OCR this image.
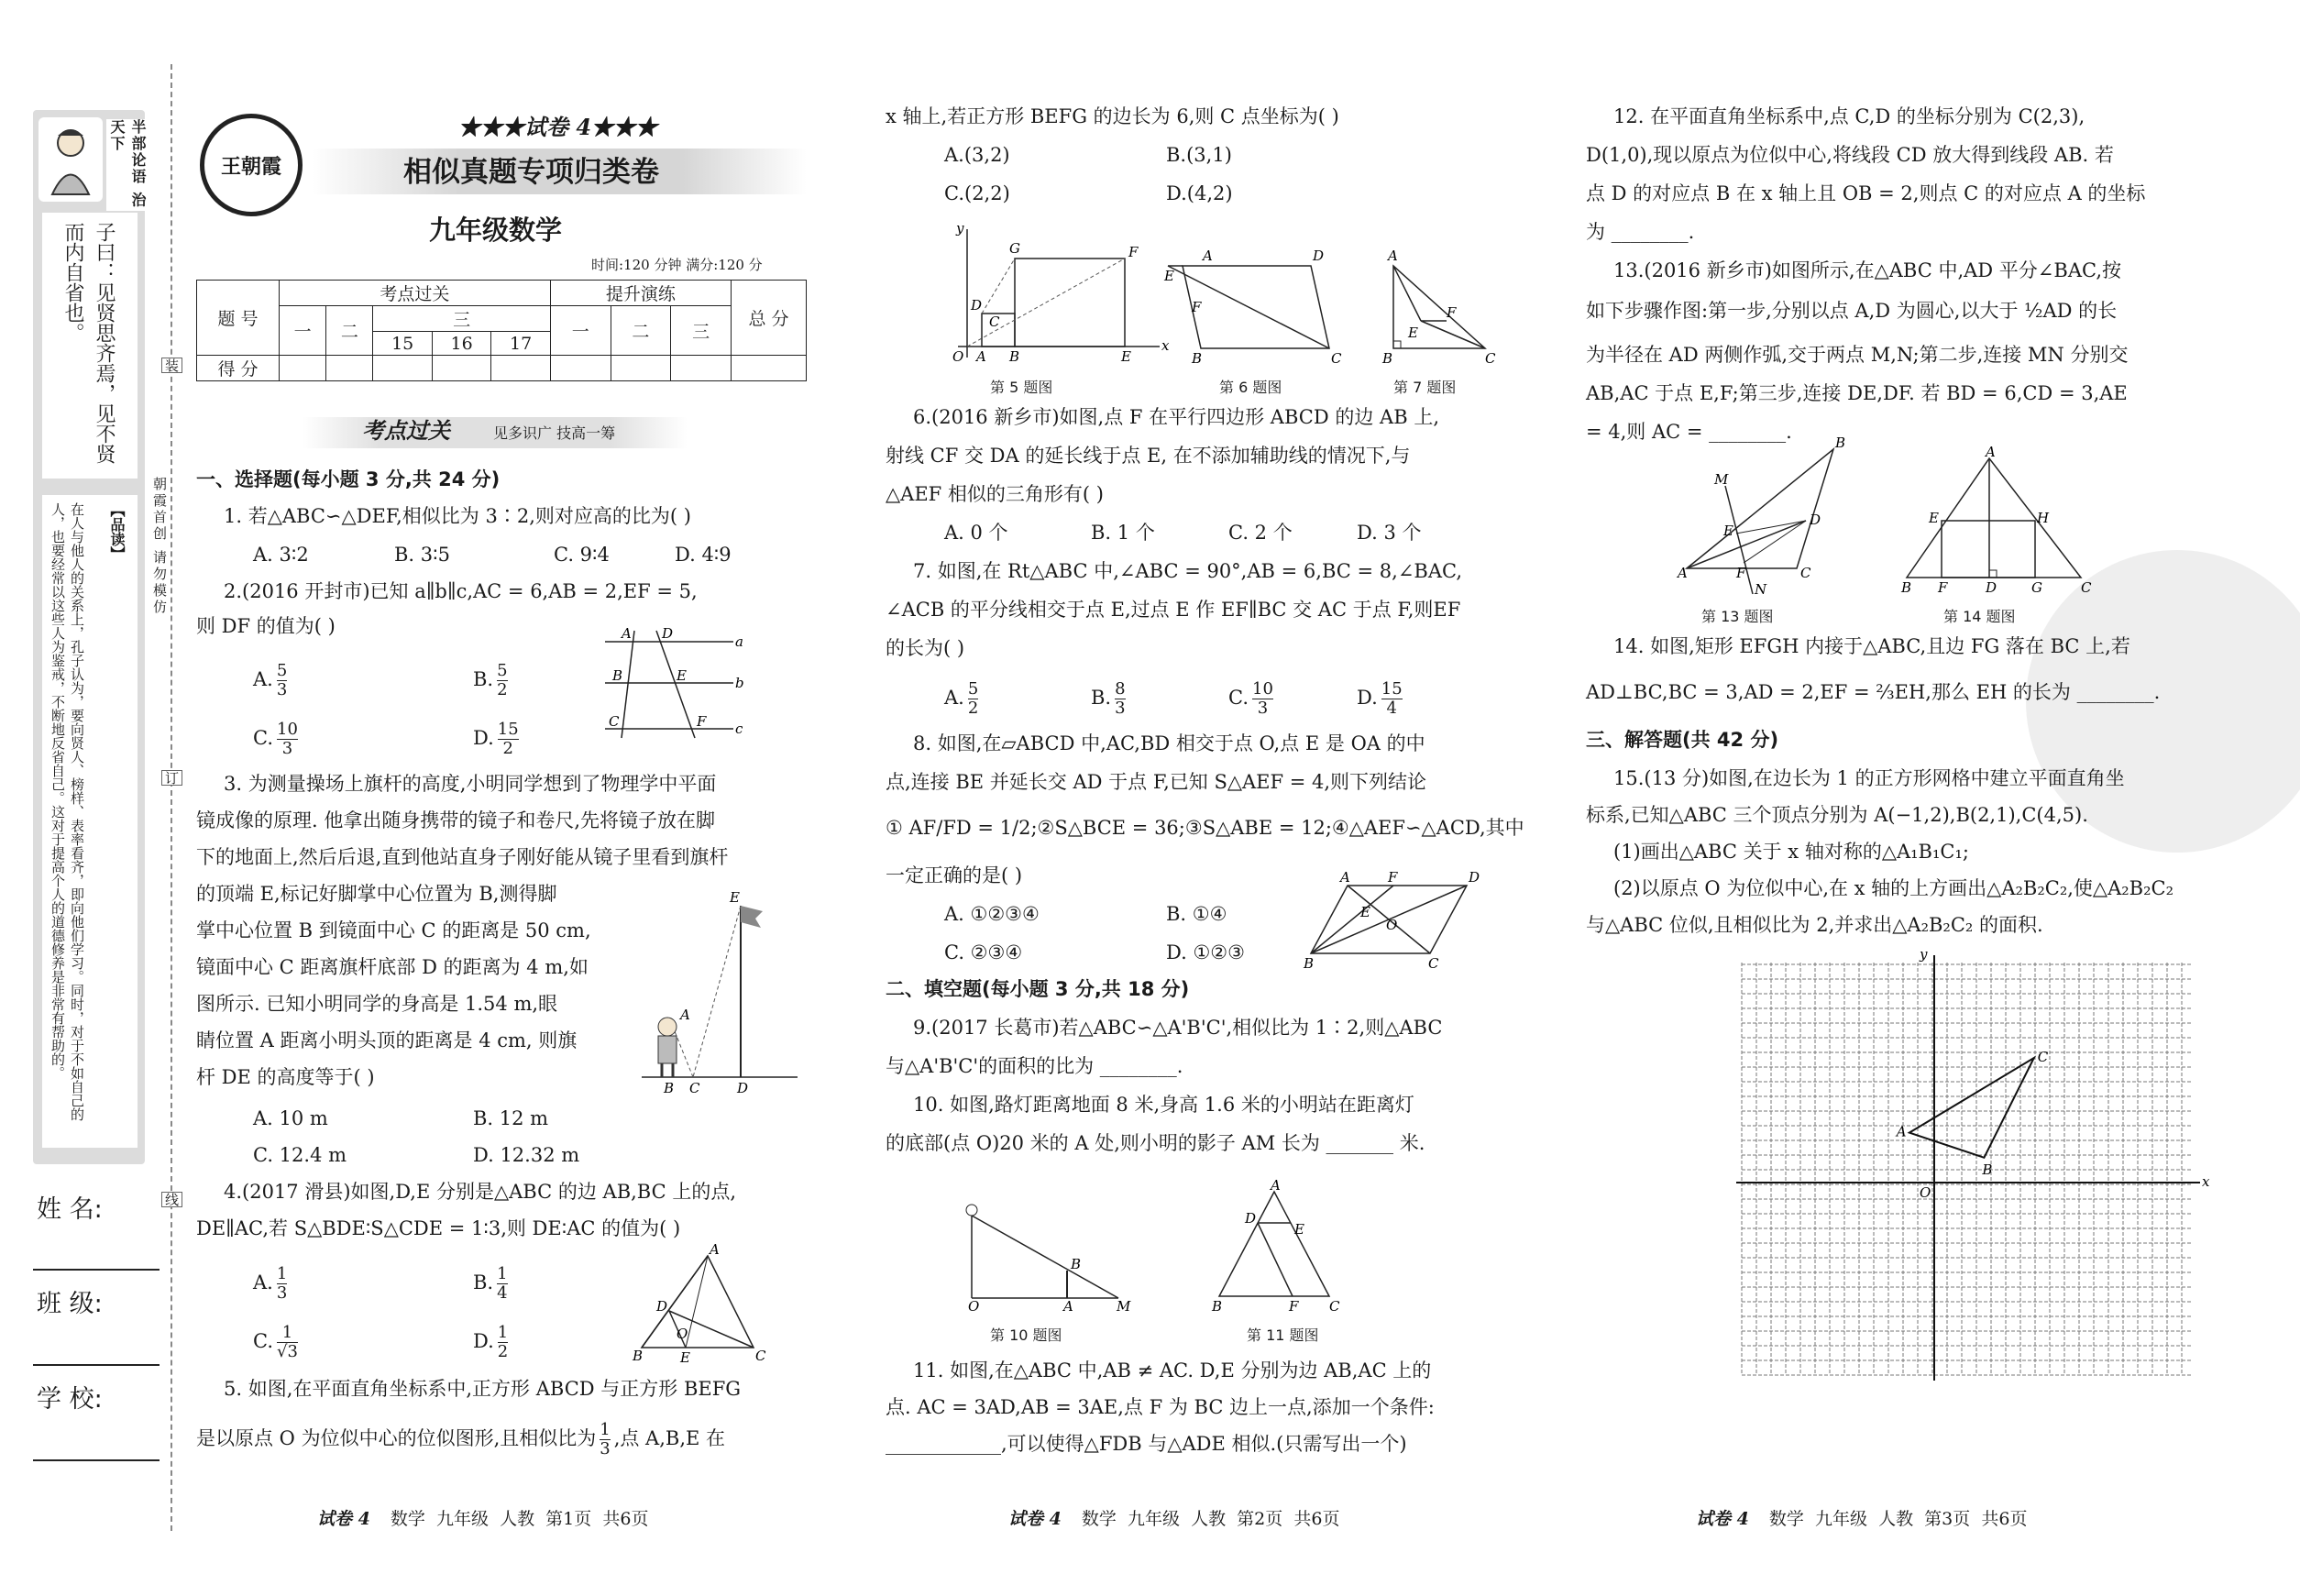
装
订
线
朝霞首创 请勿模仿
半部论语 治天下
子曰：见贤思齐焉，见不贤而内自省也。
【品读】
在人与他人的关系上，孔子认为，要向贤人、榜样、表率看齐，即向他们学习。同时，对于不如自己的人，也要经常以这些人为鉴戒，不断地反省自己。这对于提高个人的道德修养是非常有帮助的。
姓 名:
班 级:
学 校:
王朝霞
★★★试卷 4★★★
相似真题专项归类卷
九年级数学
时间:120 分钟 满分:120 分
题 号	考点过关					提升演练			总 分
	一	二	三			一	二	三	
			15	16	17				
得 分									
考点过关	见多识广 技高一筹
一、选择题(每小题 3 分,共 24 分)
1. 若△ABC∽△DEF,相似比为 3∶2,则对应高的比为( )
A. 3∶2	B. 3∶5	C. 9∶4	D. 4∶9
2.(2016 开封市)已知 a∥b∥c,AC = 6,AB = 2,EF = 5,
则 DF 的值为( )
A. $\frac{5}{3}$	B. $\frac{5}{2}$
C. $\frac{10}{3}$	D. $\frac{15}{2}$
A D	a
B	E	b
C	F c
3. 为测量操场上旗杆的高度,小明同学想到了物理学中平面
镜成像的原理. 他拿出随身携带的镜子和卷尺,先将镜子放在脚
下的地面上,然后后退,直到他站直身子刚好能从镜子里看到旗杆
的顶端 E,标记好脚掌中心位置为 B,测得脚
掌中心位置 B 到镜面中心 C 的距离是 50 cm,
镜面中心 C 距离旗杆底部 D 的距离为 4 m,如
图所示. 已知小明同学的身高是 1.54 m,眼
睛位置 A 距离小明头顶的距离是 4 cm, 则旗
杆 DE 的高度等于( )
E
A
B C	D
A. 10 m	B. 12 m
C. 12.4 m	D. 12.32 m
4.(2017 滑县)如图,D,E 分别是△ABC 的边 AB,BC 上的点,
DE∥AC,若 S△BDE∶S△CDE = 1∶3,则 DE∶AC 的值为( )
A. $\frac{1}{3}$	B. $\frac{1}{4}$
C. $\frac{1}{√3}$	D. $\frac{1}{2}$
A
D
O
B	E	C
5. 如图,在平面直角坐标系中,正方形 ABCD 与正方形 BEFG
是以原点 O 为位似中心的位似图形,且相似比为 $\frac{1}{3}$ ,点 A,B,E 在
试卷 4 数学 九年级 人教 第1页 共6页
x 轴上,若正方形 BEFG 的边长为 6,则 C 点坐标为( )
A.(3,2)	B.(3,1)
C.(2,2)	D.(4,2)
y
x
O A B	E
D
C
G	F
E
A	D
F
B	C
A
E
F
B	C
第 5 题图	第 6 题图	第 7 题图
6.(2016 新乡市)如图,点 F 在平行四边形 ABCD 的边 AB 上,
射线 CF 交 DA 的延长线于点 E, 在不添加辅助线的情况下,与
△AEF 相似的三角形有( )
A. 0 个	B. 1 个	C. 2 个	D. 3 个
7. 如图,在 Rt△ABC 中,∠ABC = 90°,AB = 6,BC = 8,∠BAC,
∠ACB 的平分线相交于点 E,过点 E 作 EF∥BC 交 AC 于点 F,则EF
的长为( )
A. $\frac{5}{2}$	B. $\frac{8}{3}$	C. $\frac{10}{3}$	D. $\frac{15}{4}$
8. 如图,在▱ABCD 中,AC,BD 相交于点 O,点 E 是 OA 的中
点,连接 BE 并延长交 AD 于点 F,已知 S△AEF = 4,则下列结论
① AF/FD = 1/2;②S△BCE = 36;③S△ABE = 12;④△AEF∽△ACD,其中
一定正确的是( )
A. ①②③④	B. ①④
C. ②③④	D. ①②③
A	F	D
E
O
B	C
二、填空题(每小题 3 分,共 18 分)
9.(2017 长葛市)若△ABC∽△A'B'C',相似比为 1∶2,则△ABC
与△A'B'C'的面积的比为 ________.
10. 如图,路灯距离地面 8 米,身高 1.6 米的小明站在距离灯
的底部(点 O)20 米的 A 处,则小明的影子 AM 长为 _______ 米.
O	A	M
B
A
D
E
B	F C
第 10 题图	第 11 题图
11. 如图,在△ABC 中,AB ≠ AC. D,E 分别为边 AB,AC 上的
点. AC = 3AD,AB = 3AE,点 F 为 BC 边上一点,添加一个条件:
____________,可以使得△FDB 与△ADE 相似.(只需写出一个)
试卷 4 数学 九年级 人教 第2页 共6页
12. 在平面直角坐标系中,点 C,D 的坐标分别为 C(2,3),
D(1,0),现以原点为位似中心,将线段 CD 放大得到线段 AB. 若
点 D 的对应点 B 在 x 轴上且 OB = 2,则点 C 的对应点 A 的坐标
为 ________.
13.(2016 新乡市)如图所示,在△ABC 中,AD 平分∠BAC,按
如下步骤作图:第一步,分别以点 A,D 为圆心,以大于 ½AD 的长
为半径在 AD 两侧作弧,交于两点 M,N;第二步,连接 MN 分别交
AB,AC 于点 E,F;第三步,连接 DE,DF. 若 BD = 6,CD = 3,AE
= 4,则 AC = ________.
M
B
E
D
A	F	C
N
A
E	H
B F	D	G	C
第 13 题图	第 14 题图
14. 如图,矩形 EFGH 内接于△ABC,且边 FG 落在 BC 上,若
AD⊥BC,BC = 3,AD = 2,EF = ⅔EH,那么 EH 的长为 ________.
三、解答题(共 42 分)
15.(13 分)如图,在边长为 1 的正方形网格中建立平面直角坐
标系,已知△ABC 三个顶点分别为 A(−1,2),B(2,1),C(4,5).
(1)画出△ABC 关于 x 轴对称的△A₁B₁C₁;
(2)以原点 O 为位似中心,在 x 轴的上方画出△A₂B₂C₂,使△A₂B₂C₂
与△ABC 位似,且相似比为 2,并求出△A₂B₂C₂ 的面积.
A
B
C
O
x
y
试卷 4 数学 九年级 人教 第3页 共6页
